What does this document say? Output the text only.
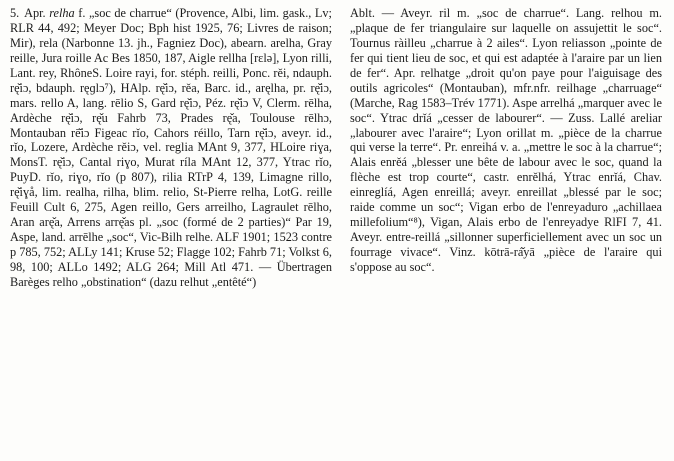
5. Apr. relha f. „soc de charrue“ (Provence, Albi, lim. gask., Lv; RLR 44, 492; Meyer Doc; Bph hist 1925, 76; Livres de raison; Mir), rela (Narbonne 13. jh., Fagniez Doc), abearn. arelha, Gray reille, Jura roille Ac Bes 1850, 187, Aigle rellha [rɛlə], Lyon rilli, Lant. rey, RhôneS. Loire rayi, for. stéph. reilli, Ponc. rěi, ndauph. rę̌iɔ, bdauph. ręɡlɔ⁷), HAlp. rę̌iɔ, rěa, Barc. id., aręlha, pr. rę̌iɔ, mars. rello A, lang. rēlio S, Gard rę̌iɔ, Péz. rę̌iɔ V, Clerm. rēlha, Ardèche rę̌iɔ, rę̌u Fahrb 73, Prades rę̌a, Toulouse rēlhɔ, Montauban rē̌iɔ Figeac rǐo, Cahors réillo, Tarn rę̌iɔ, aveyr. id., rǐo, Lozere, Ardèche rěiɔ, vel. reglia MAnt 9, 377, HLoire riɣa, MonsT. rę̌iɔ, Cantal riɣo, Murat ríla MAnt 12, 377, Ytrac rǐo, PuyD. rǐo, riɣo, rǐo (p 807), rilia RTrP 4, 139, Limagne rillo, rę̌iɣå, lim. realha, rilha, blim. relio, St-Pierre relha, LotG. reille Feuill Cult 6, 275, Agen reillo, Gers arreilho, Lagraulet rēlho, Aran arę̌a, Arrens arrę̌as pl. „soc (formé de 2 parties)“ Par 19, Aspe, land. arrēlhe „soc“, Vic-Bilh relhe. ALF 1901; 1523 contre p 785, 752; ALLy 141; Kruse 52; Flagge 102; Fahrb 71; Volkst 6, 98, 100; ALLo 1492; ALG 264; Mill Atl 471. — Übertragen Barèges relho „obstination“ (dazu relhut „entêté“)

Ablt. — Aveyr. ril m. „soc de charrue“. Lang. relhou m. „plaque de fer triangulaire sur laquelle on assujettit le soc“. Tournus ràilleu „charrue à 2 ailes“. Lyon reliasson „pointe de fer qui tient lieu de soc, et qui est adaptée à l'araire par un lien de fer“. Apr. relhatge „droit qu'on paye pour l'aiguisage des outils agricoles“ (Montauban), mfr.nfr. reilhage „charruage“ (Marche, Rag 1583–Trév 1771). Aspe arrelhá „marquer avec le soc“. Ytrac drǐá „cesser de labourer“. — Zuss. Lallé areliar „labourer avec l'araire“; Lyon orillat m. „pièce de la charrue qui verse la terre“. Pr. enreihá v. a. „mettre le soc à la charrue“; Alais enrěá „blesser une bête de labour avec le soc, quand la flèche est trop courte“, castr. enrělhá, Ytrac enrǐá, Chav. einreglíá, Agen enreillá; aveyr. enreillat „blessé par le soc; raide comme un soc“; Vigan erbo de l'enreyaduro „achillaea millefolium“⁸), Vigan, Alais erbo de l'enreyadye RlFI 7, 41. Aveyr. entre-reillá „sillonner superficiellement avec un soc un fourrage vivace“. Vinz. kōtrā-rá̌yā „pièce de l'araire qui s'oppose au soc“.
